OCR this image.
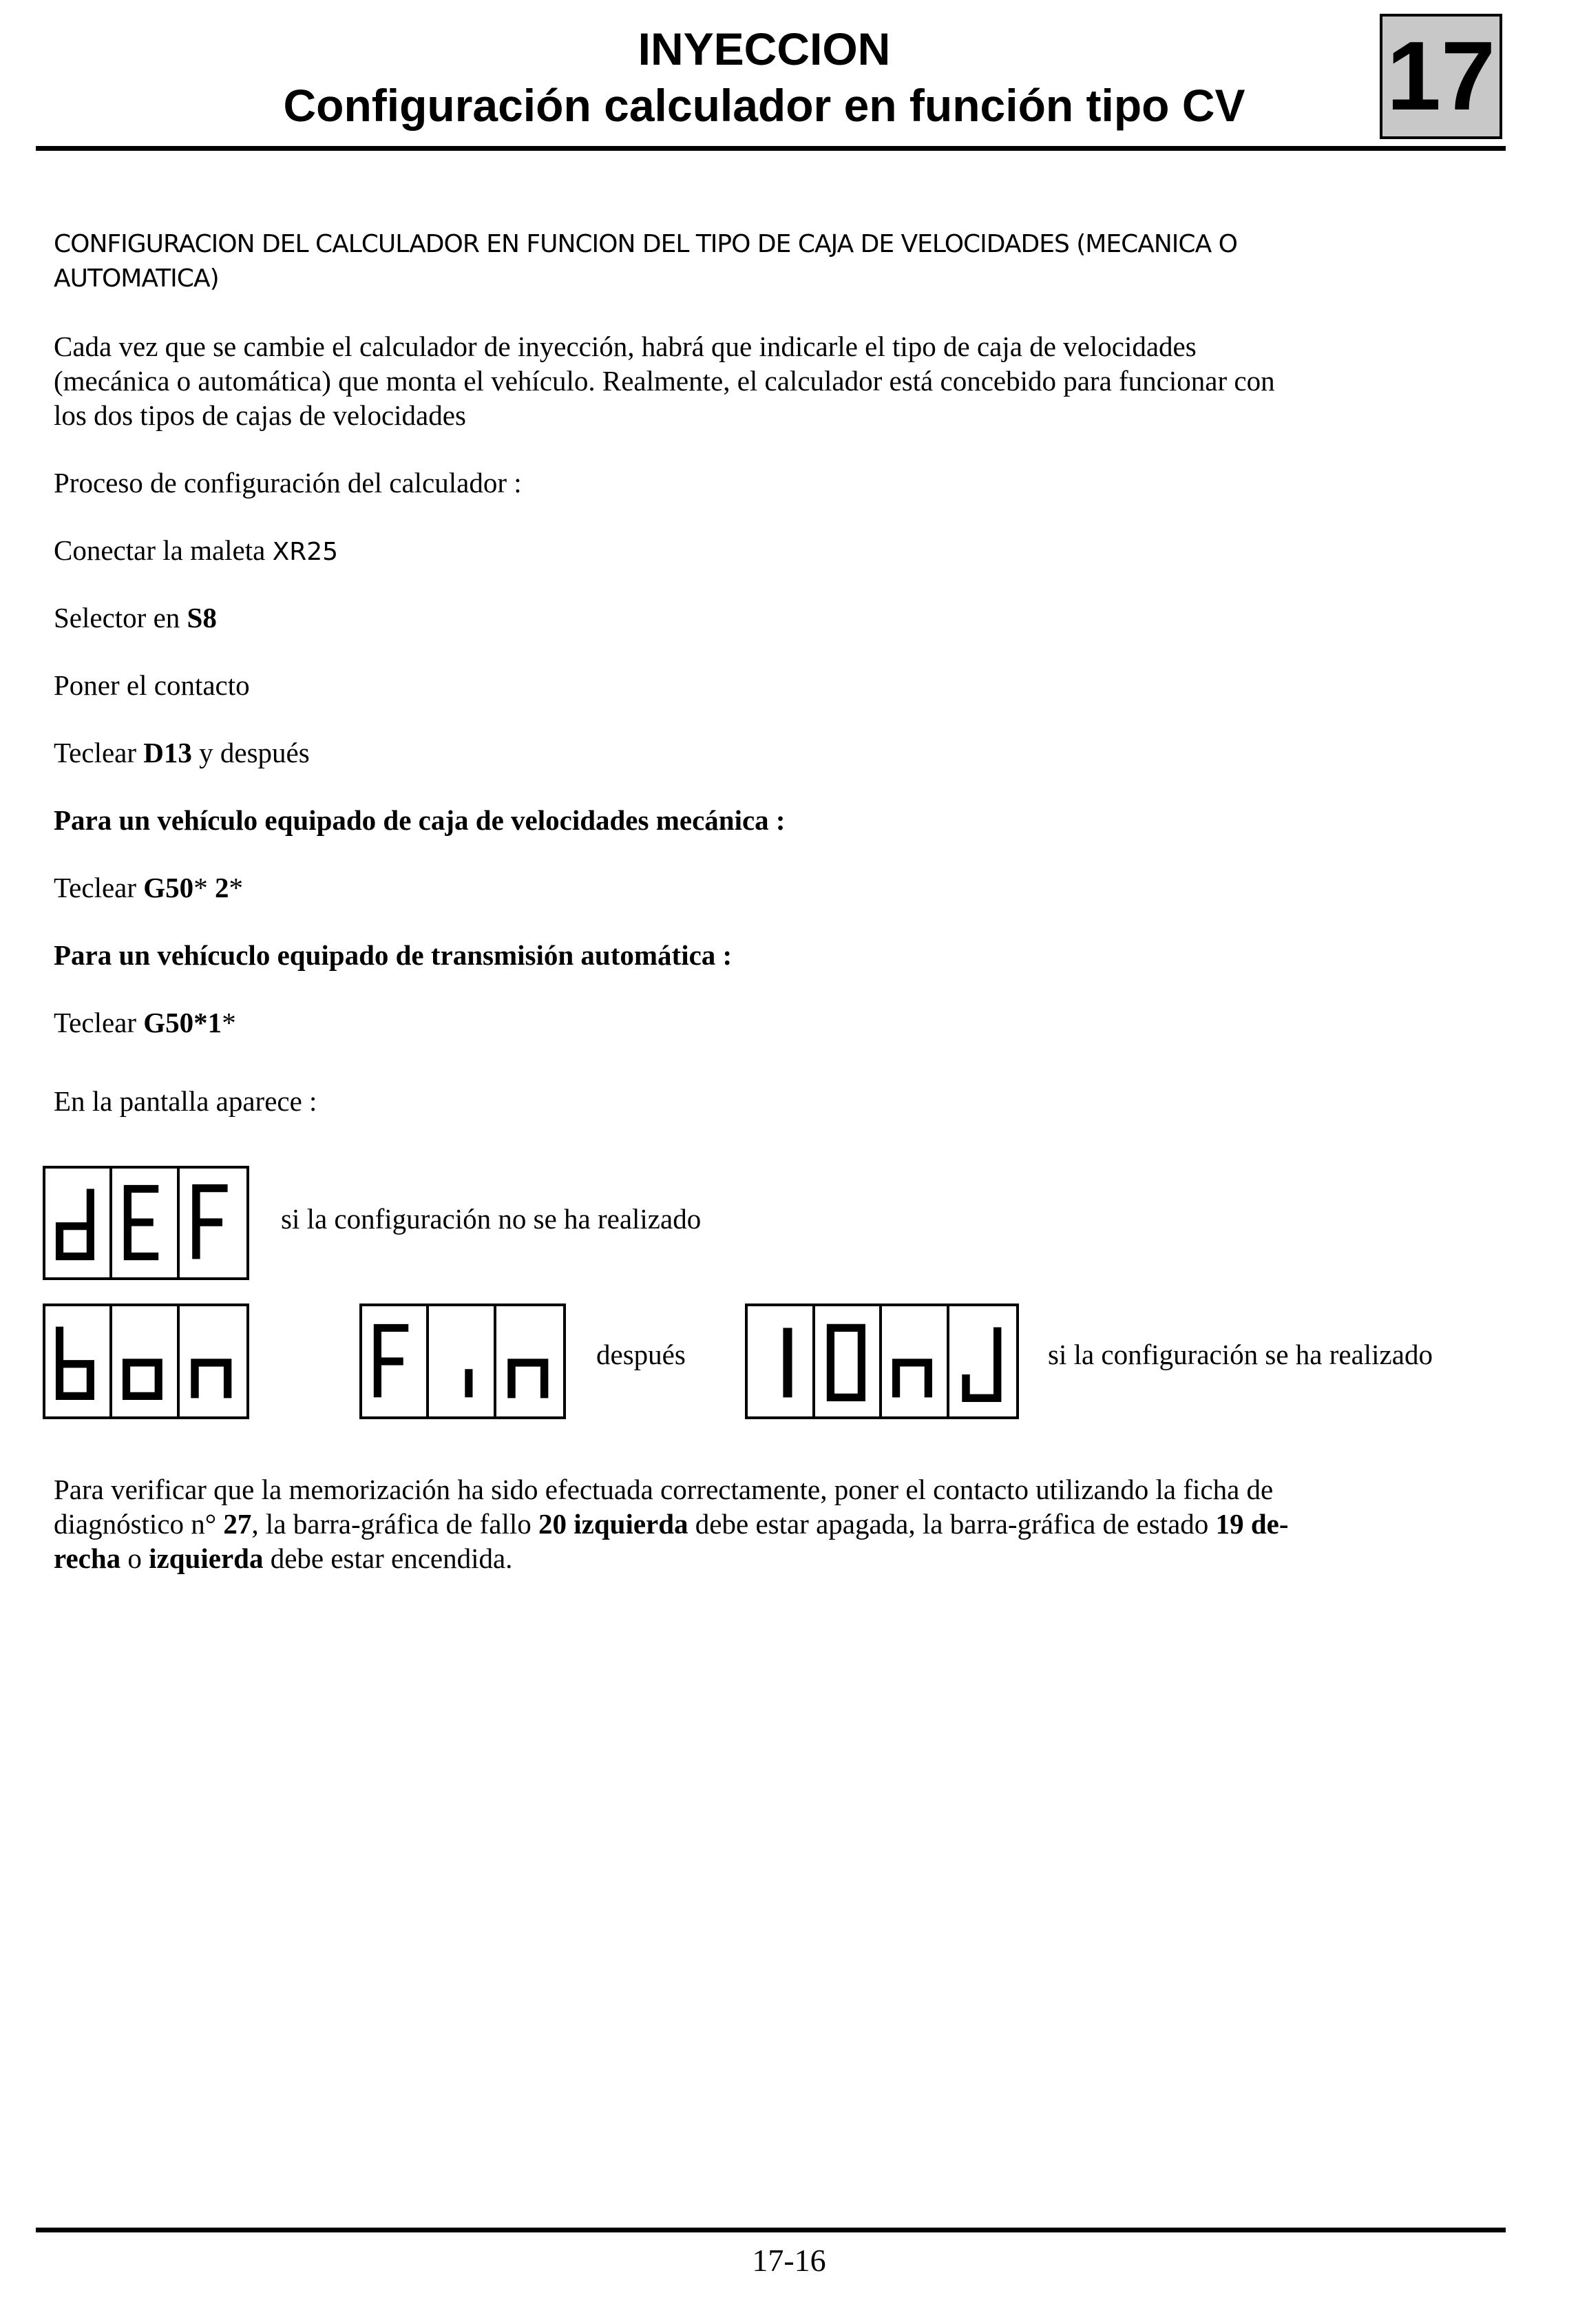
INYECCION
Configuración calculador en función tipo CV	17
CONFIGURACION DEL CALCULADOR EN FUNCION DEL TIPO DE CAJA DE VELOCIDADES (MECANICA O
AUTOMATICA)
Cada vez que se cambie el calculador de inyección, habrá que indicarle el tipo de caja de velocidades
(mecánica o automática) que monta el vehículo. Realmente, el calculador está concebido para funcionar con
los dos tipos de cajas de velocidades
Proceso de configuración del calculador :
Conectar la maleta XR25
Selector en S8
Poner el contacto
Teclear D13 y después
Para un vehículo equipado de caja de velocidades mecánica :
Teclear G50* 2*
Para un vehícuclo equipado de transmisión automática :
Teclear G50*1*
En la pantalla aparece :
si la configuración no se ha realizado
después	si la configuración se ha realizado
Para verificar que la memorización ha sido efectuada correctamente, poner el contacto utilizando la ficha de
diagnóstico n° 27, la barra-gráfica de fallo 20 izquierda debe estar apagada, la barra-gráfica de estado 19 de-
recha o izquierda debe estar encendida.
17-16
